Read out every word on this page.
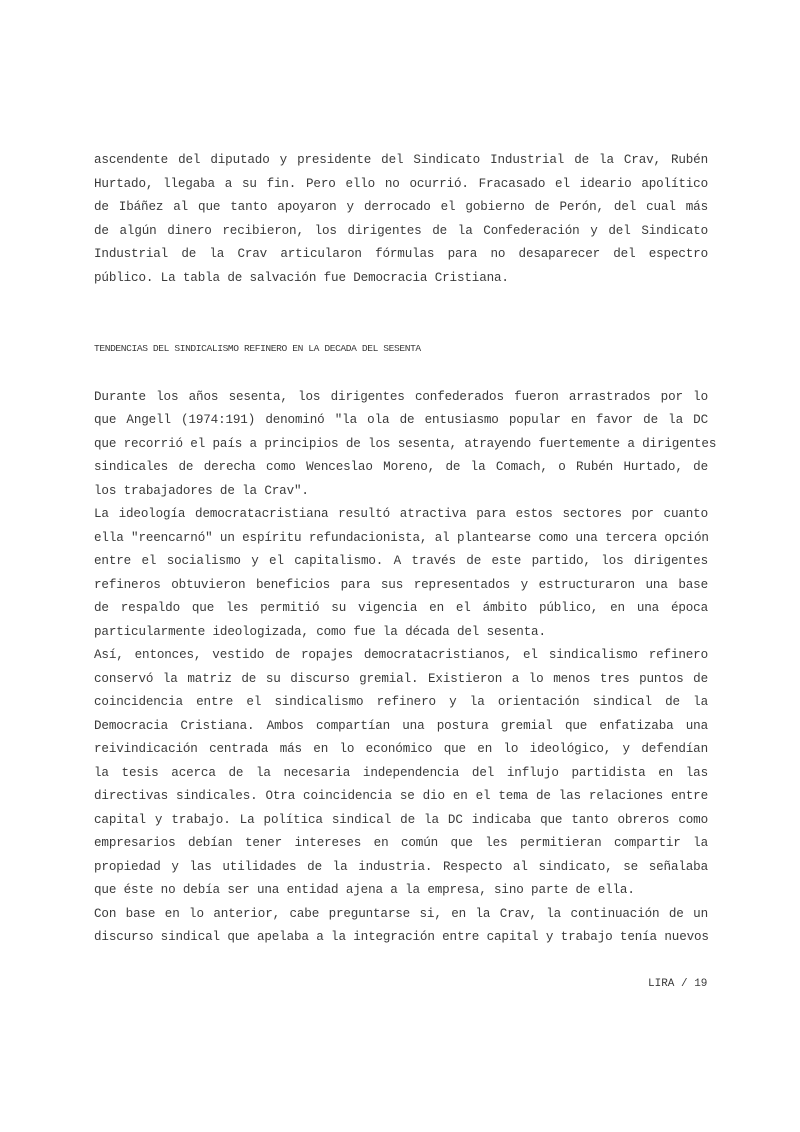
ascendente del diputado y presidente del Sindicato Industrial de la Crav, Rubén
Hurtado, llegaba a su fin. Pero ello no ocurrió. Fracasado el ideario apolítico
de Ibáñez al que tanto apoyaron y derrocado el gobierno de Perón, del cual más
de algún dinero recibieron, los dirigentes de la Confederación y del Sindicato
Industrial de la Crav articularon fórmulas para no desaparecer del espectro
público. La tabla de salvación fue Democracia Cristiana.
TENDENCIAS DEL SINDICALISMO REFINERO EN LA DECADA DEL SESENTA
Durante los años sesenta, los dirigentes confederados fueron arrastrados por lo
que Angell (1974:191) denominó "la ola de entusiasmo popular en favor de la DC
que recorrió el país a principios de los sesenta, atrayendo fuertemente a dirigentes
sindicales de derecha como Wenceslao Moreno, de la Comach, o Rubén Hurtado, de
los trabajadores de la Crav".
La ideología democratacristiana resultó atractiva para estos sectores por cuanto
ella "reencarnó" un espíritu refundacionista, al plantearse como una tercera opción
entre el socialismo y el capitalismo. A través de este partido, los dirigentes
refineros obtuvieron beneficios para sus representados y estructuraron una base
de respaldo que les permitió su vigencia en el ámbito público, en una época
particularmente ideologizada, como fue la década del sesenta.
Así, entonces, vestido de ropajes democratacristianos, el sindicalismo refinero
conservó la matriz de su discurso gremial. Existieron a lo menos tres puntos de
coincidencia entre el sindicalismo refinero y la orientación sindical de la
Democracia Cristiana. Ambos compartían una postura gremial que enfatizaba una
reivindicación centrada más en lo económico que en lo ideológico, y defendían
la tesis acerca de la necesaria independencia del influjo partidista en las
directivas sindicales. Otra coincidencia se dio en el tema de las relaciones entre
capital y trabajo. La política sindical de la DC indicaba que tanto obreros como
empresarios debían tener intereses en común que les permitieran compartir la
propiedad y las utilidades de la industria. Respecto al sindicato, se señalaba
que éste no debía ser una entidad ajena a la empresa, sino parte de ella.
Con base en lo anterior, cabe preguntarse si, en la Crav, la continuación de un
discurso sindical que apelaba a la integración entre capital y trabajo tenía nuevos
LIRA / 19
